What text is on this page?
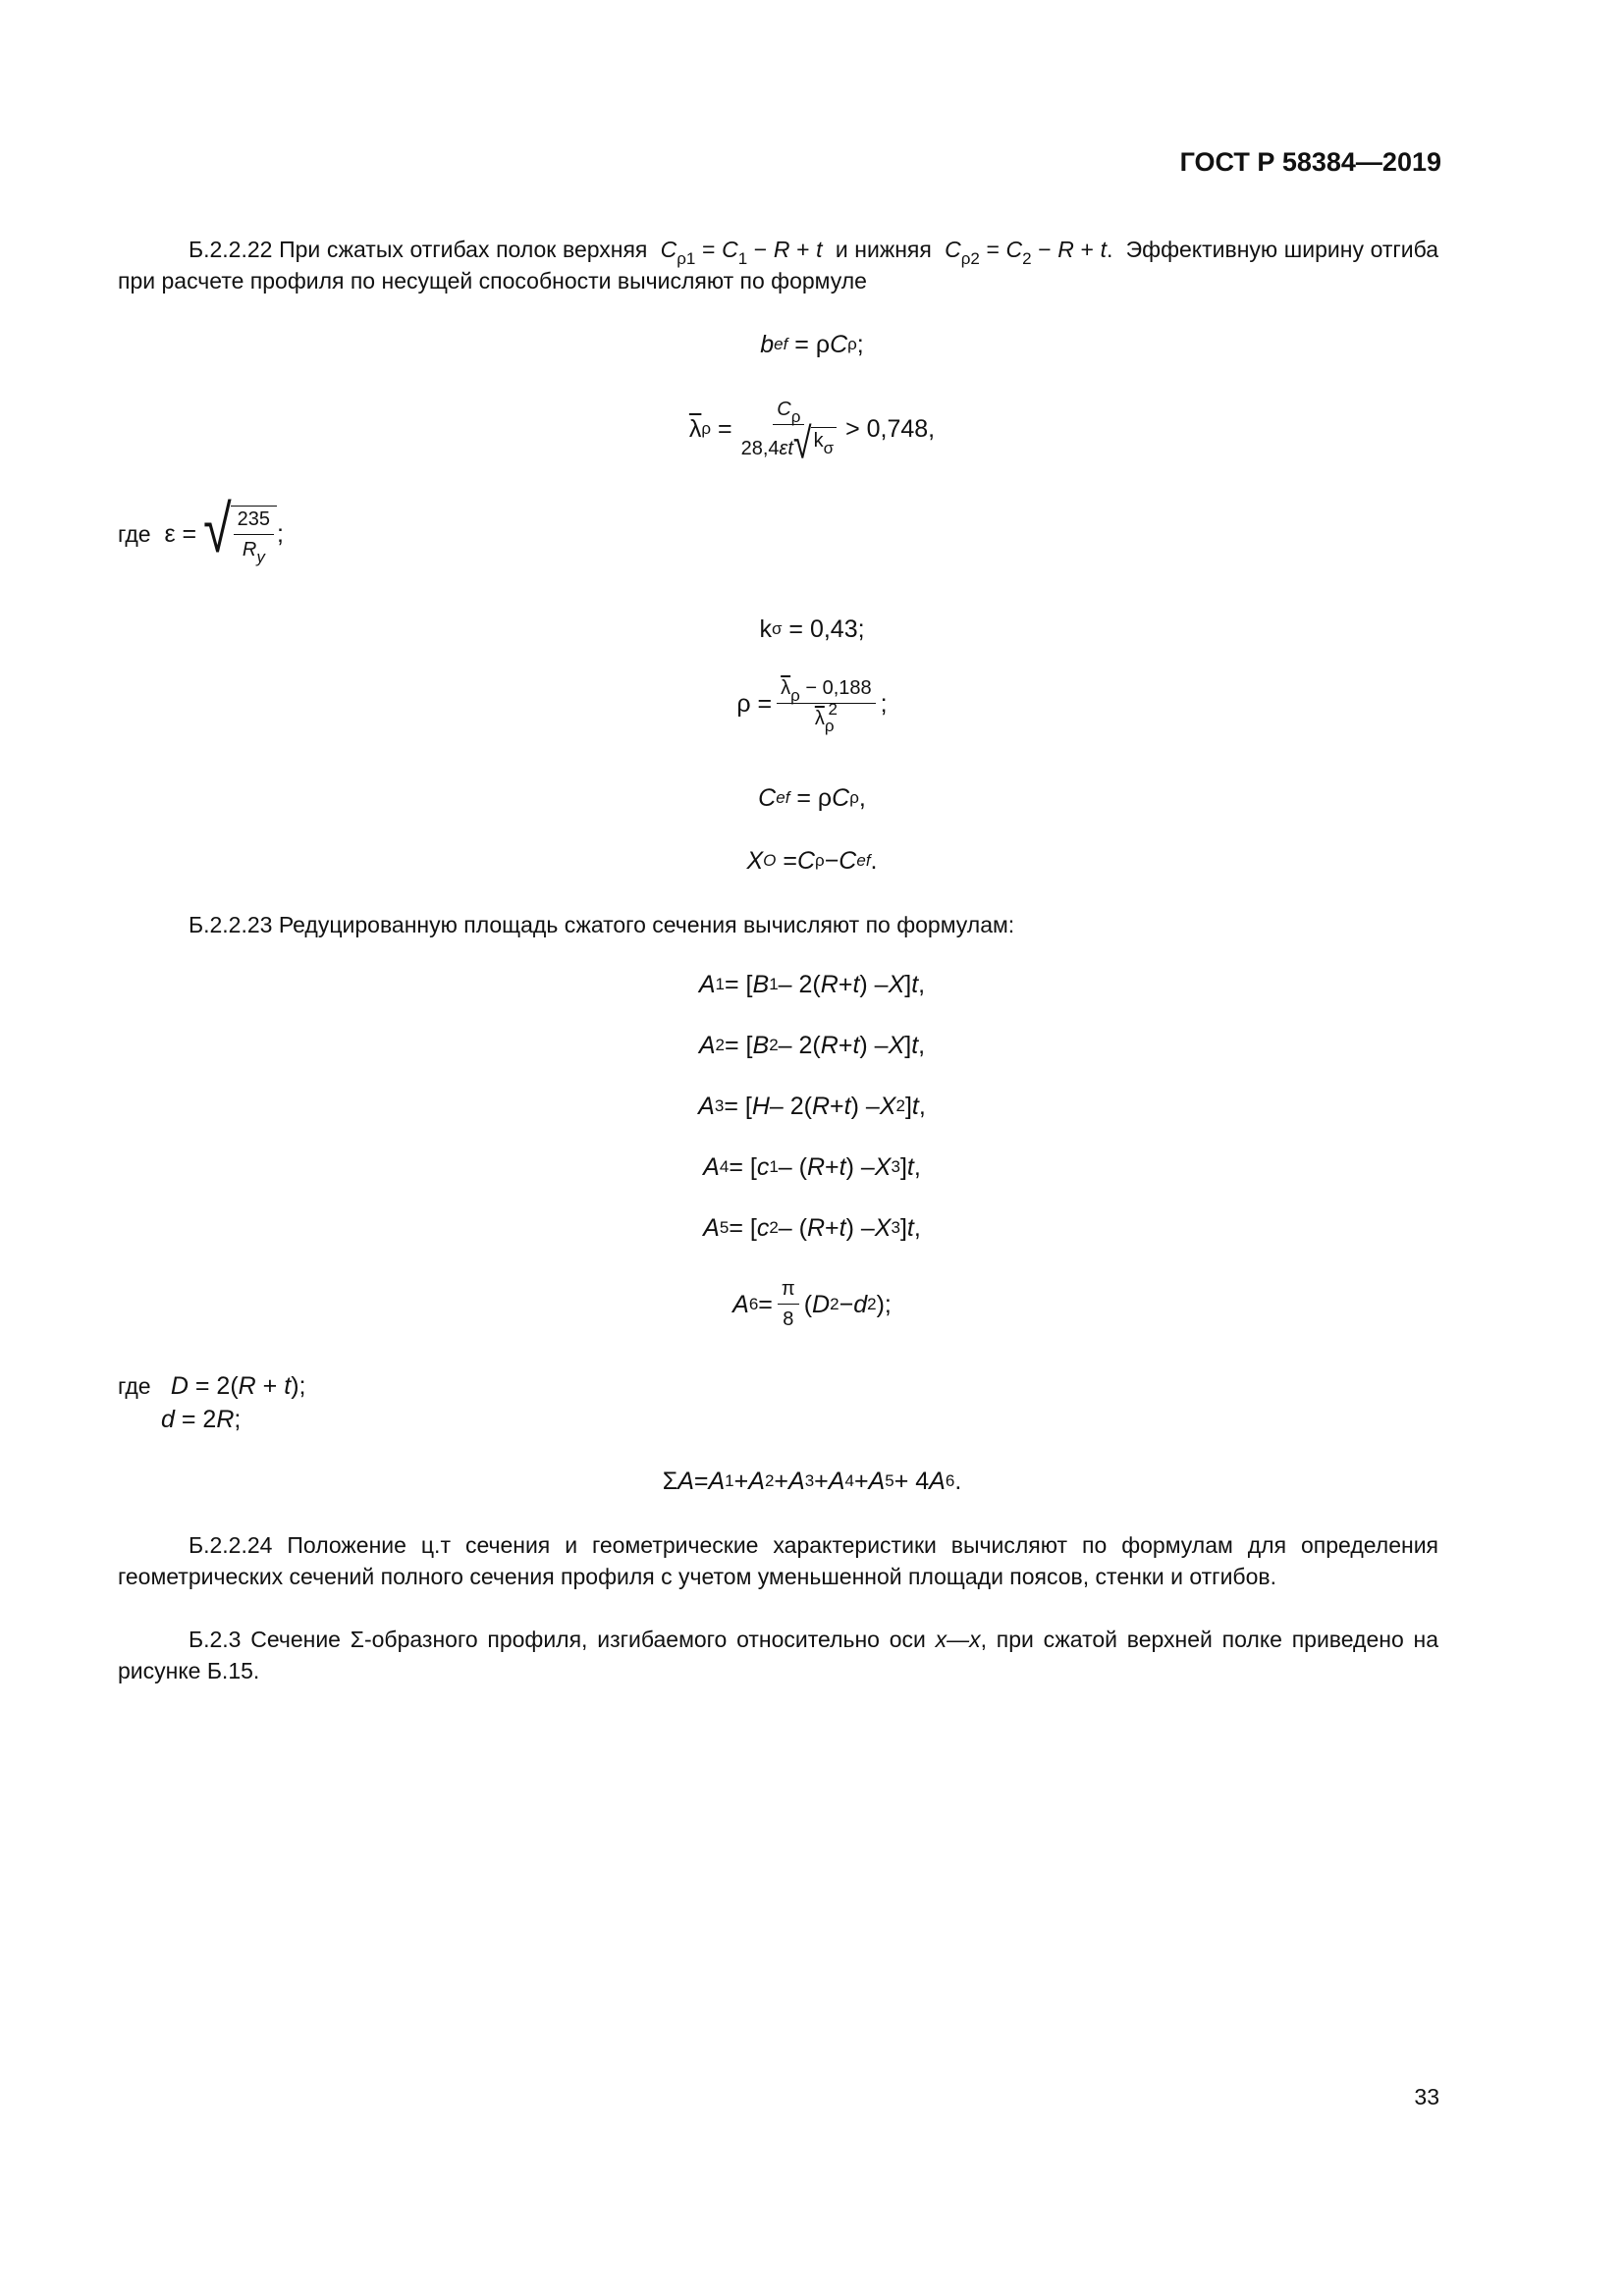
ГОСТ Р 58384—2019
Б.2.2.22 При сжатых отгибах полок верхняя $C_{\rho 1} = C_1 - R + t$ и нижняя $C_{\rho 2} = C_2 - R + t$.  Эффективную ширину отгиба при расчете профиля по несущей способности вычисляют по формуле
b ef = ρ C ρ ;
$\overline{\lambda}$ $\rho = \frac{C_\rho}{28,4\varepsilon t √ k_\sigma} > 0,748$ ,
где ε = √ $\frac{235}{R_y}$ ;
k σ = 0,43 ;
$\rho = \frac{\overline{\lambda}_\rho - 0,188}{\overline{\lambda}_\rho^2}$ ;
C ef = ρ C ρ ,
X O = C ρ − C ef .
Б.2.2.23 Редуцированную площадь сжатого сечения вычисляют по формулам:
A 1 = [ B 1 – 2( R + t ) – X ] t ,
A 2 = [ B 2 – 2( R + t ) – X ] t ,
A 3 = [ H – 2( R + t ) – X 2 ] t ,
A 4 = [ c 1 – ( R + t ) – X 3 ] t ,
A 5 = [ c 2 – ( R + t ) – X 3 ] t ,
A $6 = \frac{\pi}{8}$ ( D 2 − d 2 );
где D = 2(R + t);
d = 2R;
Σ A = A 1 + A 2 + A 3 + A 4 + A 5 + 4 A 6 .
Б.2.2.24 Положение ц.т сечения и геометрические характеристики вычисляют по формулам для определения геометрических сечений полного сечения профиля с учетом уменьшенной площади поясов, стенки и отгибов.
Б.2.3 Сечение Σ-образного профиля, изгибаемого относительно оси x—x, при сжатой верхней полке приведено на рисунке Б.15.
33
